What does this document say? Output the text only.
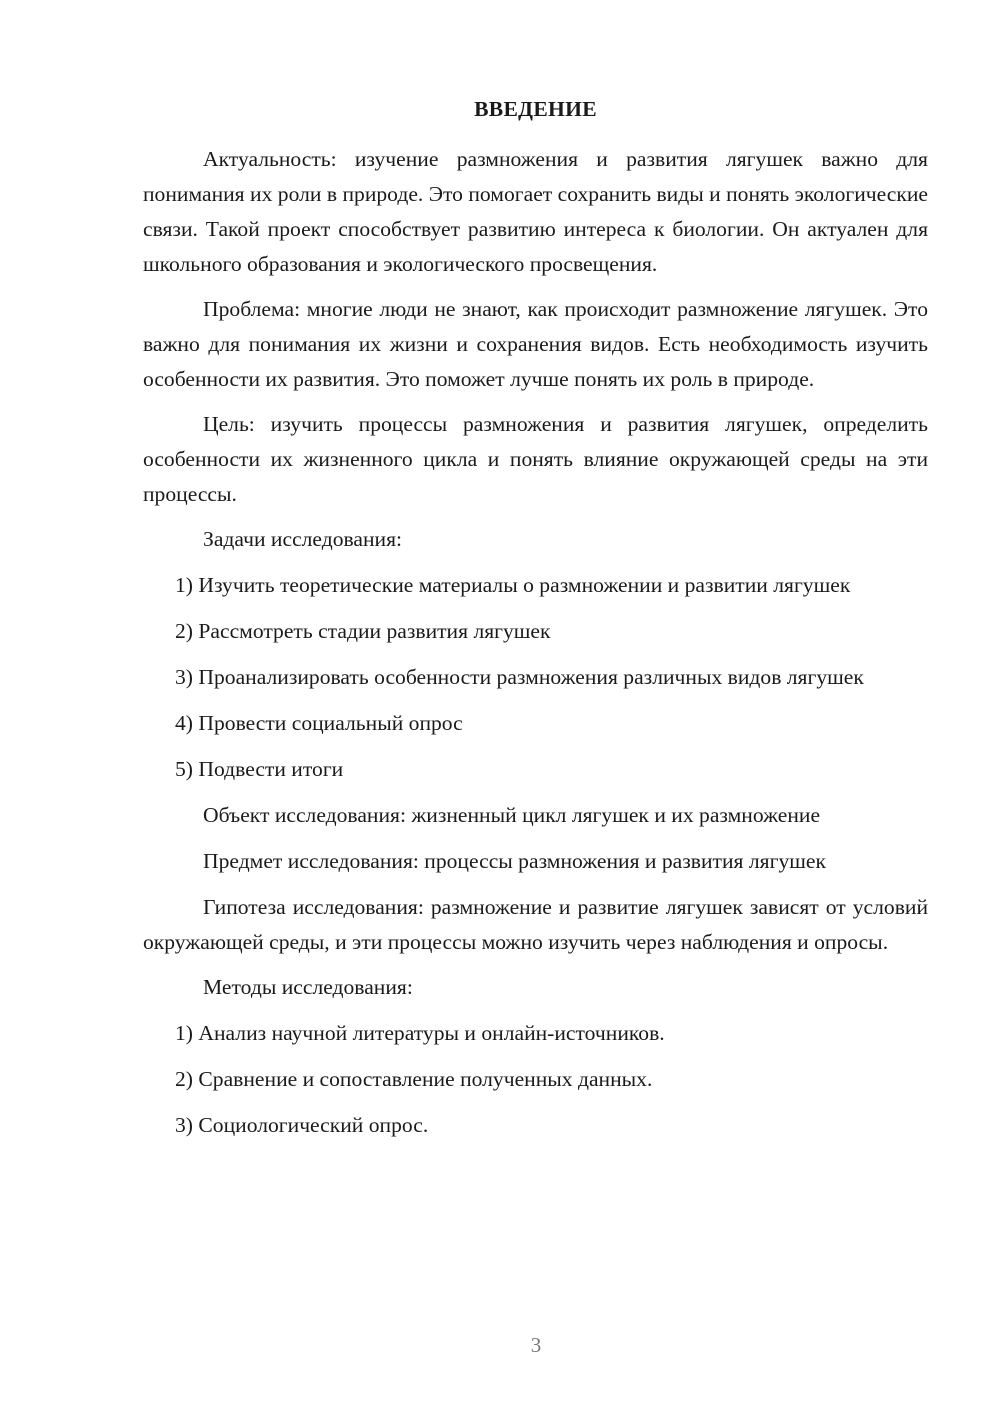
ВВЕДЕНИЕ

Актуальность: изучение размножения и развития лягушек важно для понимания их роли в природе. Это помогает сохранить виды и понять экологические связи. Такой проект способствует развитию интереса к биологии. Он актуален для школьного образования и экологического просвещения.

Проблема: многие люди не знают, как происходит размножение лягушек. Это важно для понимания их жизни и сохранения видов. Есть необходимость изучить особенности их развития. Это поможет лучше понять их роль в природе.

Цель: изучить процессы размножения и развития лягушек, определить особенности их жизненного цикла и понять влияние окружающей среды на эти процессы.

Задачи исследования:
1) Изучить теоретические материалы о размножении и развитии лягушек
2) Рассмотреть стадии развития лягушек
3) Проанализировать особенности размножения различных видов лягушек
4) Провести социальный опрос
5) Подвести итоги
Объект исследования: жизненный цикл лягушек и их размножение
Предмет исследования: процессы размножения и развития лягушек

Гипотеза исследования: размножение и развитие лягушек зависят от условий окружающей среды, и эти процессы можно изучить через наблюдения и опросы.

Методы исследования:
1) Анализ научной литературы и онлайн-источников.
2) Сравнение и сопоставление полученных данных.
3) Социологический опрос.
3
